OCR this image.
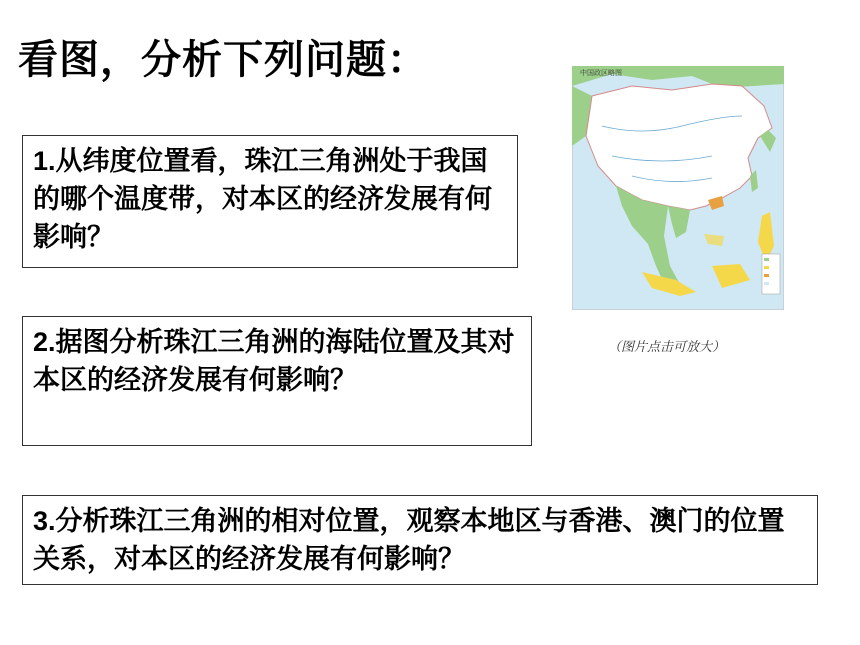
看图，分析下列问题：
1.从纬度位置看，珠江三角洲处于我国的哪个温度带，对本区的经济发展有何影响？
2.据图分析珠江三角洲的海陆位置及其对本区的经济发展有何影响？
3.分析珠江三角洲的相对位置，观察本地区与香港、澳门的位置关系，对本区的经济发展有何影响？
中国政区略图
（图片点击可放大）
